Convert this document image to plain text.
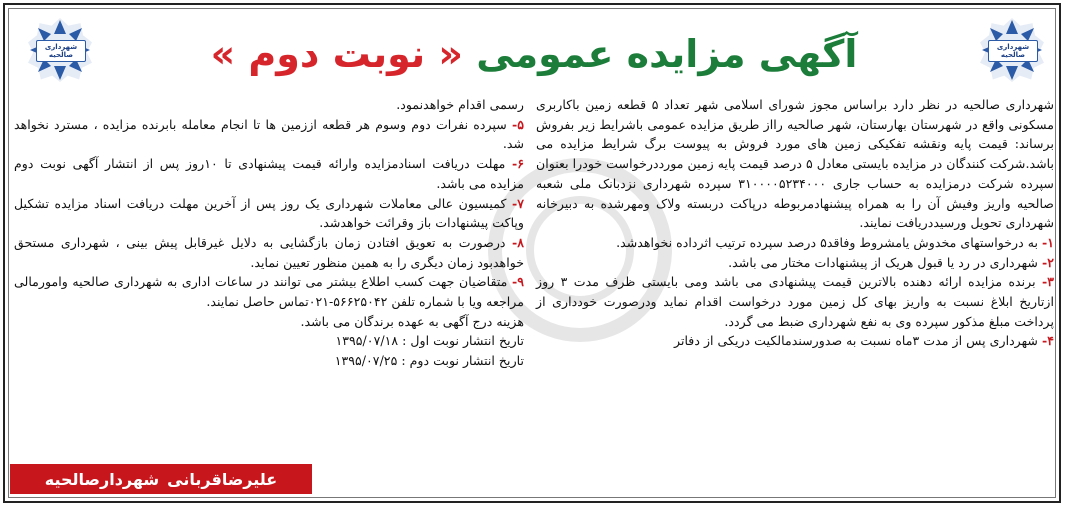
شهرداری
صالحیه
شهرداری
صالحیه	آگهی مزایده عمومی « نوبت دوم »

شهرداری صالحیه در نظر دارد براساس مجوز شورای اسلامی شهر تعداد ۵ قطعه زمین باکاربری مسکونی واقع در شهرستان بهارستان، شهر صالحیه رااز طریق مزایده عمومی باشرایط زیر بفروش برساند: قیمت پایه ونقشه تفکیکی زمین های مورد فروش به پیوست برگ شرایط مزایده می باشد.شرکت کنندگان در مزایده بایستی معادل ۵ درصد قیمت پایه زمین مورددرخواست خودرا بعنوان سپرده شرکت درمزایده به حساب جاری ۳۱۰۰۰۰۵۲۳۴۰۰۰ سپرده شهرداری نزدبانک ملی شعبه صالحیه واریز وفیش آن را به همراه پیشنهادمربوطه درپاکت دربسته ولاک ومهرشده به دبیرخانه شهرداری تحویل ورسیددریافت نمایند.

۱- به درخواستهای مخدوش یامشروط وفاقد۵ درصد سپرده ترتیب اثرداده نخواهدشد.

۲- شهرداری در رد یا قبول هریک از پیشنهادات مختار می باشد.

۳- برنده مزایده ارائه دهنده بالاترین قیمت پیشنهادی می باشد ومی بایستی ظرف مدت ۳ روز ازتاریخ ابلاغ نسبت به واریز بهای کل زمین مورد درخواست اقدام نماید ودرصورت خودداری از پرداخت مبلغ مذکور سپرده وی به نفع شهرداری ضبط می گردد.

۴- شهرداری پس از مدت ۳ماه نسبت به صدورسندمالکیت دریکی از دفاتر

رسمی اقدام خواهدنمود.

۵- سپرده نفرات دوم وسوم هر قطعه اززمین ها تا انجام معامله بابرنده مزایده ، مسترد نخواهد شد.

۶- مهلت دریافت اسنادمزایده وارائه قیمت پیشنهادی تا ۱۰روز پس از انتشار آگهی نوبت دوم مزایده می باشد.

۷- کمیسیون عالی معاملات شهرداری یک روز پس از آخرین مهلت دریافت اسناد مزایده تشکیل وپاکت پیشنهادات باز وقرائت خواهدشد.

۸- درصورت به تعویق افتادن زمان بازگشایی به دلایل غیرقابل پیش بینی ، شهرداری مستحق خواهدبود زمان دیگری را به همین منظور تعیین نماید.

۹- متقاضیان جهت کسب اطلاع بیشتر می توانند در ساعات اداری به شهرداری صالحیه وامورمالی مراجعه ویا با شماره تلفن ۵۶۶۲۵۰۴۲-۰۲۱تماس حاصل نمایند.

هزینه درج آگهی به عهده برندگان می باشد.

تاریخ انتشار نوبت اول : ۱۳۹۵/۰۷/۱۸

تاریخ انتشار نوبت دوم : ۱۳۹۵/۰۷/۲۵

علیرضاقربانی
شهردارصالحیه
